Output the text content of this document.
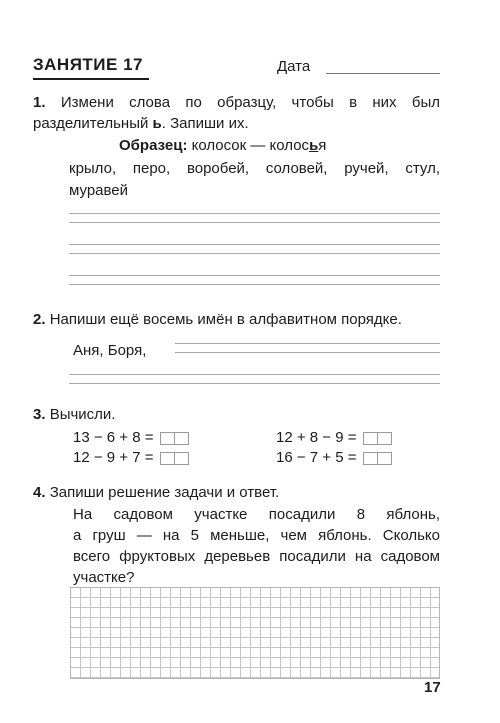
ЗАНЯТИЕ 17	Дата
1. Измени слова по образцу, чтобы в них был
разделительный ь. Запиши их.
Образец: колосок — колосья
крыло, перо, воробей, соловей, ручей, стул,
муравей
2. Напиши ещё восемь имён в алфавитном порядке.
Аня, Боря,
3. Вычисли.
13 − 6 + 8 =	12 + 8 − 9 =
12 − 9 + 7 =	16 − 7 + 5 =
4. Запиши решение задачи и ответ.
На садовом участке посадили 8 яблонь,
а груш — на 5 меньше, чем яблонь. Сколько
всего фруктовых деревьев посадили на садовом
участке?
17
